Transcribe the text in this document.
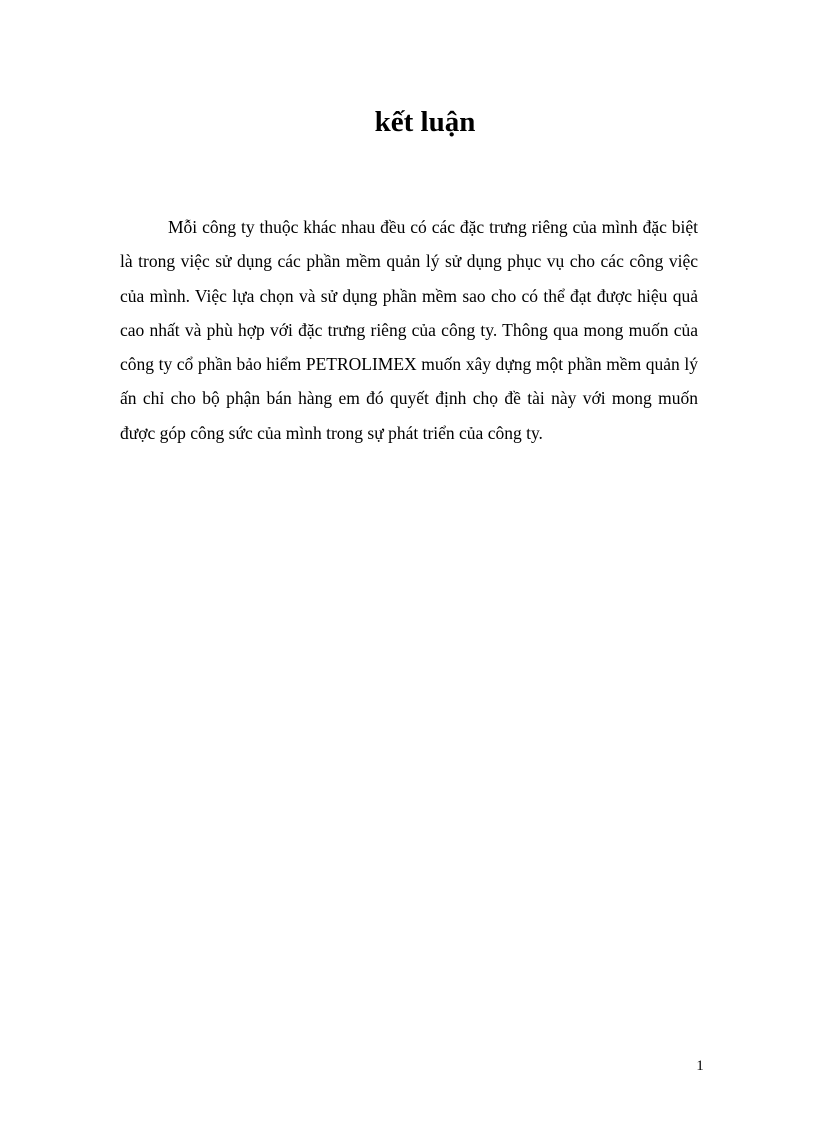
kết luận

Mỗi công ty thuộc khác nhau đều có các đặc trưng riêng của mình đặc biệt là trong việc sử dụng các phần mềm quản lý sử dụng phục vụ cho các công việc của mình. Việc lựa chọn và sử dụng phần mềm sao cho có thể đạt được hiệu quả cao nhất và phù hợp với đặc trưng riêng của công ty. Thông qua mong muốn của công ty cổ phần bảo hiểm PETROLIMEX muốn xây dựng một phần mềm quản lý ấn chỉ cho bộ phận bán hàng em đó quyết định chọ đề tài này với mong muốn được góp công sức của mình trong sự phát triển của công ty.

1
